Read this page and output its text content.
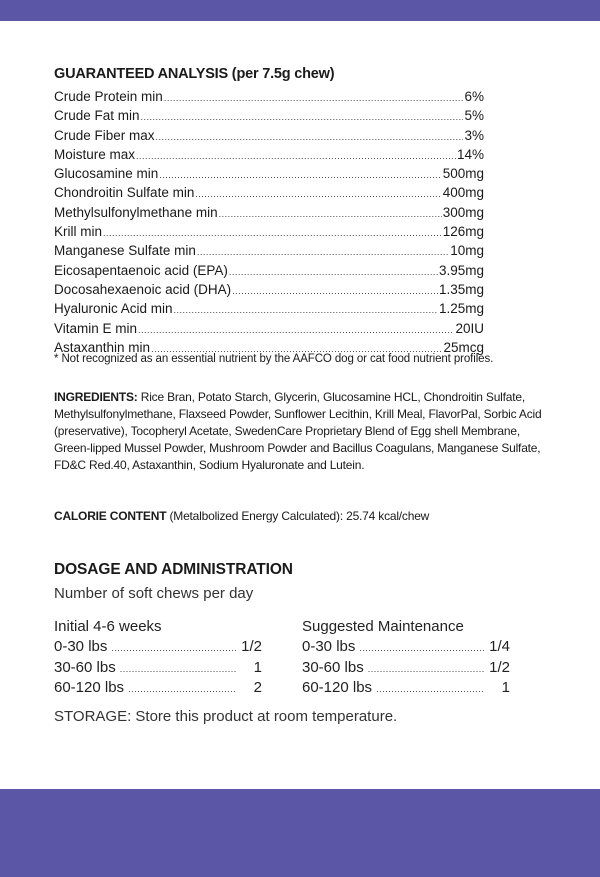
GUARANTEED ANALYSIS (per 7.5g chew)
Crude Protein min .....	6%
Crude Fat min .....	5%
Crude Fiber max .....	3%
Moisture max .....	14%
Glucosamine min .....	500mg
Chondroitin Sulfate min .....	400mg
Methylsulfonylmethane min .....	300mg
Krill min .....	126mg
Manganese Sulfate min .....	10mg
Eicosapentaenoic acid (EPA) .....	3.95mg
Docosahexaenoic acid (DHA) .....	1.35mg
Hyaluronic Acid min .....	1.25mg
Vitamin E min .....	20IU
Astaxanthin min .....	25mcg
* Not recognized as an essential nutrient by the AAFCO dog or cat food nutrient profiles.
INGREDIENTS: Rice Bran, Potato Starch, Glycerin, Glucosamine HCL, Chondroitin Sulfate, Methylsulfonylmethane, Flaxseed Powder, Sunflower Lecithin, Krill Meal, FlavorPal, Sorbic Acid (preservative), Tocopheryl Acetate, SwedenCare Proprietary Blend of Egg shell Membrane, Green-lipped Mussel Powder, Mushroom Powder and Bacillus Coagulans, Manganese Sulfate, FD&C Red.40, Astaxanthin, Sodium Hyaluronate and Lutein.
CALORIE CONTENT (Metalbolized Energy Calculated): 25.74 kcal/chew
DOSAGE AND ADMINISTRATION
Number of soft chews per day
Initial 4-6 weeks
0-30 lbs .....	1/2
30-60 lbs .....	1
60-120 lbs .....	2
Suggested Maintenance
0-30 lbs .....	1/4
30-60 lbs .....	1/2
60-120 lbs .....	1
STORAGE: Store this product at room temperature.
